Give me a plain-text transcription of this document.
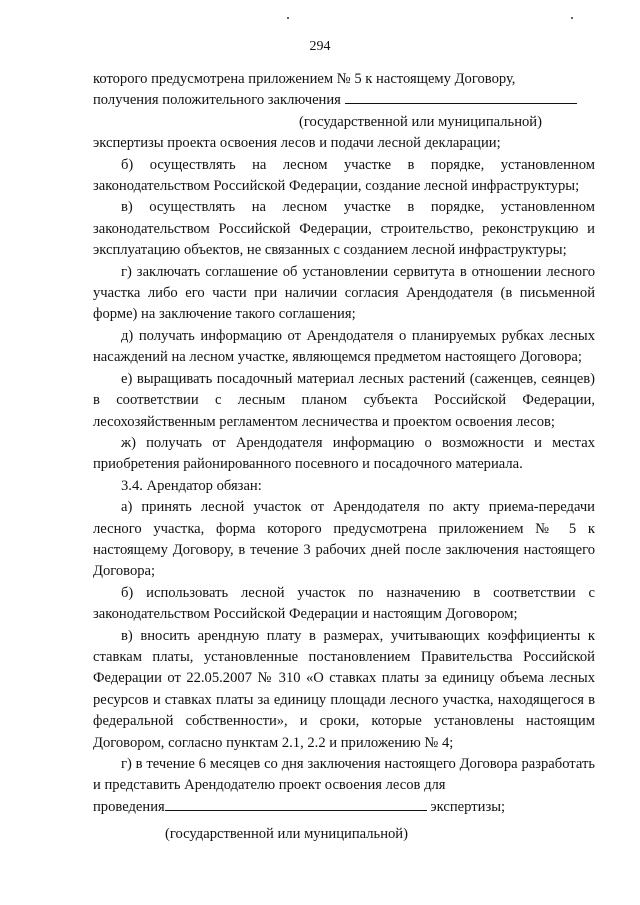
294

которого предусмотрена приложением № 5 к настоящему Договору,

получения положительного заключения

(государственной или муниципальной)

экспертизы проекта освоения лесов и подачи лесной декларации;

б) осуществлять на лесном участке в порядке, установленном законодательством Российской Федерации, создание лесной инфраструктуры;

в) осуществлять на лесном участке в порядке, установленном законодательством Российской Федерации, строительство, реконструкцию и эксплуатацию объектов, не связанных с созданием лесной инфраструктуры;

г) заключать соглашение об установлении сервитута в отношении лесного участка либо его части при наличии согласия Арендодателя (в письменной форме) на заключение такого соглашения;

д) получать информацию от Арендодателя о планируемых рубках лесных насаждений на лесном участке, являющемся предметом настоящего Договора;

е) выращивать посадочный материал лесных растений (саженцев, сеянцев) в соответствии с лесным планом субъекта Российской Федерации, лесохозяйственным регламентом лесничества и проектом освоения лесов;

ж) получать от Арендодателя информацию о возможности и местах приобретения районированного посевного и посадочного материала.

3.4. Арендатор обязан:

а) принять лесной участок от Арендодателя по акту приема-передачи лесного участка, форма которого предусмотрена приложением № 5 к настоящему Договору, в течение 3 рабочих дней после заключения настоящего Договора;

б) использовать лесной участок по назначению в соответствии с законодательством Российской Федерации и настоящим Договором;

в) вносить арендную плату в размерах, учитывающих коэффициенты к ставкам платы, установленные постановлением Правительства Российской Федерации от 22.05.2007 № 310 «О ставках платы за единицу объема лесных ресурсов и ставках платы за единицу площади лесного участка, находящегося в федеральной собственности», и сроки, которые установлены настоящим Договором, согласно пунктам 2.1, 2.2 и приложению № 4;

г) в течение 6 месяцев со дня заключения настоящего Договора разработать и представить Арендодателю проект освоения лесов для

проведения	экспертизы;

(государственной или муниципальной)
